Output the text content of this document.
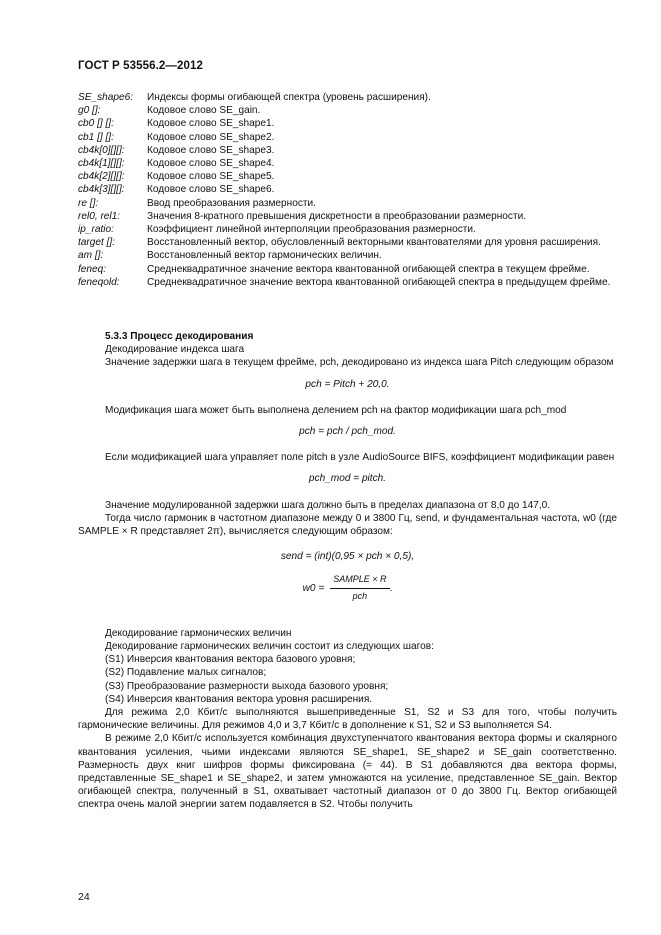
ГОСТ Р 53556.2—2012
SE_shape6:	Индексы формы огибающей спектра (уровень расширения).
g0 []:	Кодовое слово SE_gain.
cb0 [] []:	Кодовое слово SE_shape1.
cb1 [] []:	Кодовое слово SE_shape2.
cb4k[0][][]:	Кодовое слово SE_shape3.
cb4k[1][][]:	Кодовое слово SE_shape4.
cb4k[2][][]:	Кодовое слово SE_shape5.
cb4k[3][][]:	Кодовое слово SE_shape6.
re []:	Ввод преобразования размерности.
rel0, rel1:	Значения 8-кратного превышения дискретности в преобразовании размерности.
ip_ratio:	Коэффициент линейной интерполяции преобразования размерности.
target []:	Восстановленный вектор, обусловленный векторными квантователями для уровня расширения.
am []:	Восстановленный вектор гармонических величин.
feneq:	Среднеквадратичное значение вектора квантованной огибающей спектра в текущем фрейме.
feneqold:	Среднеквадратичное значение вектора квантованной огибающей спектра в предыдущем фрейме.

5.3.3 Процесс декодирования

Декодирование индекса шага

Значение задержки шага в текущем фрейме, pch, декодировано из индекса шага Pitch следующим образом

pch = Pitch + 20,0.

Модификация шага может быть выполнена делением pch на фактор модификации шага pch_mod

pch = pch / pch_mod.

Если модификацией шага управляет поле pitch в узле AudioSource BIFS, коэффициент модификации равен

pch_mod = pitch.

Значение модулированной задержки шага должно быть в пределах диапазона от 8,0 до 147,0.

Тогда число гармоник в частотном диапазоне между 0 и 3800 Гц, send, и фундаментальная частота, w0 (где SAMPLE × R представляет 2π), вычисляется следующим образом:

send = (int)(0,95 × pch × 0,5),

$w0 = \frac{\text{SAMPLE × R}}{\text{pch}}$ .

Декодирование гармонических величин

Декодирование гармонических величин состоит из следующих шагов:

(S1) Инверсия квантования вектора базового уровня;

(S2) Подавление малых сигналов;

(S3) Преобразование размерности выхода базового уровня;

(S4) Инверсия квантования вектора уровня расширения.

Для режима 2,0 Кбит/с выполняются вышеприведенные S1, S2 и S3 для того, чтобы получить гармонические величины. Для режимов 4,0 и 3,7 Кбит/с в дополнение к S1, S2 и S3 выполняется S4.

В режиме 2,0 Кбит/с используется комбинация двухступенчатого квантования вектора формы и скалярного квантования усиления, чьими индексами являются SE_shape1, SE_shape2 и SE_gain соответственно. Размерность двух книг шифров формы фиксирована (= 44). В S1 добавляются два вектора формы, представленные SE_shape1 и SE_shape2, и затем умножаются на усиление, представленное SE_gain. Вектор огибающей спектра, полученный в S1, охватывает частотный диапазон от 0 до 3800 Гц. Вектор огибающей спектра очень малой энергии затем подавляется в S2. Чтобы получить

24
